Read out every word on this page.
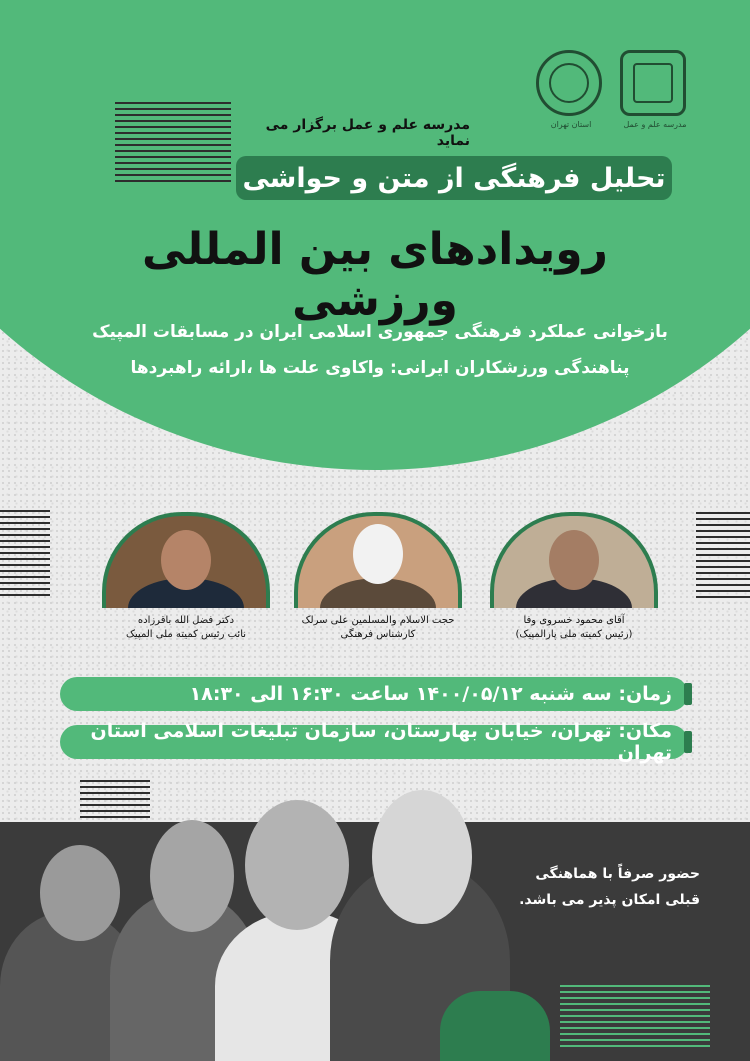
استان تهران	مدرسه علم و عمل
مدرسه علم و عمل برگزار می نماید
تحلیل فرهنگی از متن و حواشی
رویدادهای بین المللی ورزشی
بازخوانی عملکرد فرهنگی جمهوری اسلامی ایران در مسابقات المپیک
پناهندگی ورزشکاران ایرانی: واکاوی علت ها ،ارائه راهبردها
آقای محمود خسروی وفا
(رئیس کمیته ملی پارالمپیک)
حجت الاسلام والمسلمین علی سرلک
کارشناس فرهنگی
دکتر فضل الله باقرزاده
نائب رئیس کمیته ملی المپیک
زمان: سه شنبه ۱۴۰۰/۰۵/۱۲ ساعت ۱۶:۳۰ الی ۱۸:۳۰
مکان: تهران، خیابان بهارستان، سازمان تبلیغات اسلامی استان تهران
حضور صرفاً با هماهنگی
قبلی امکان پذیر می باشد.
